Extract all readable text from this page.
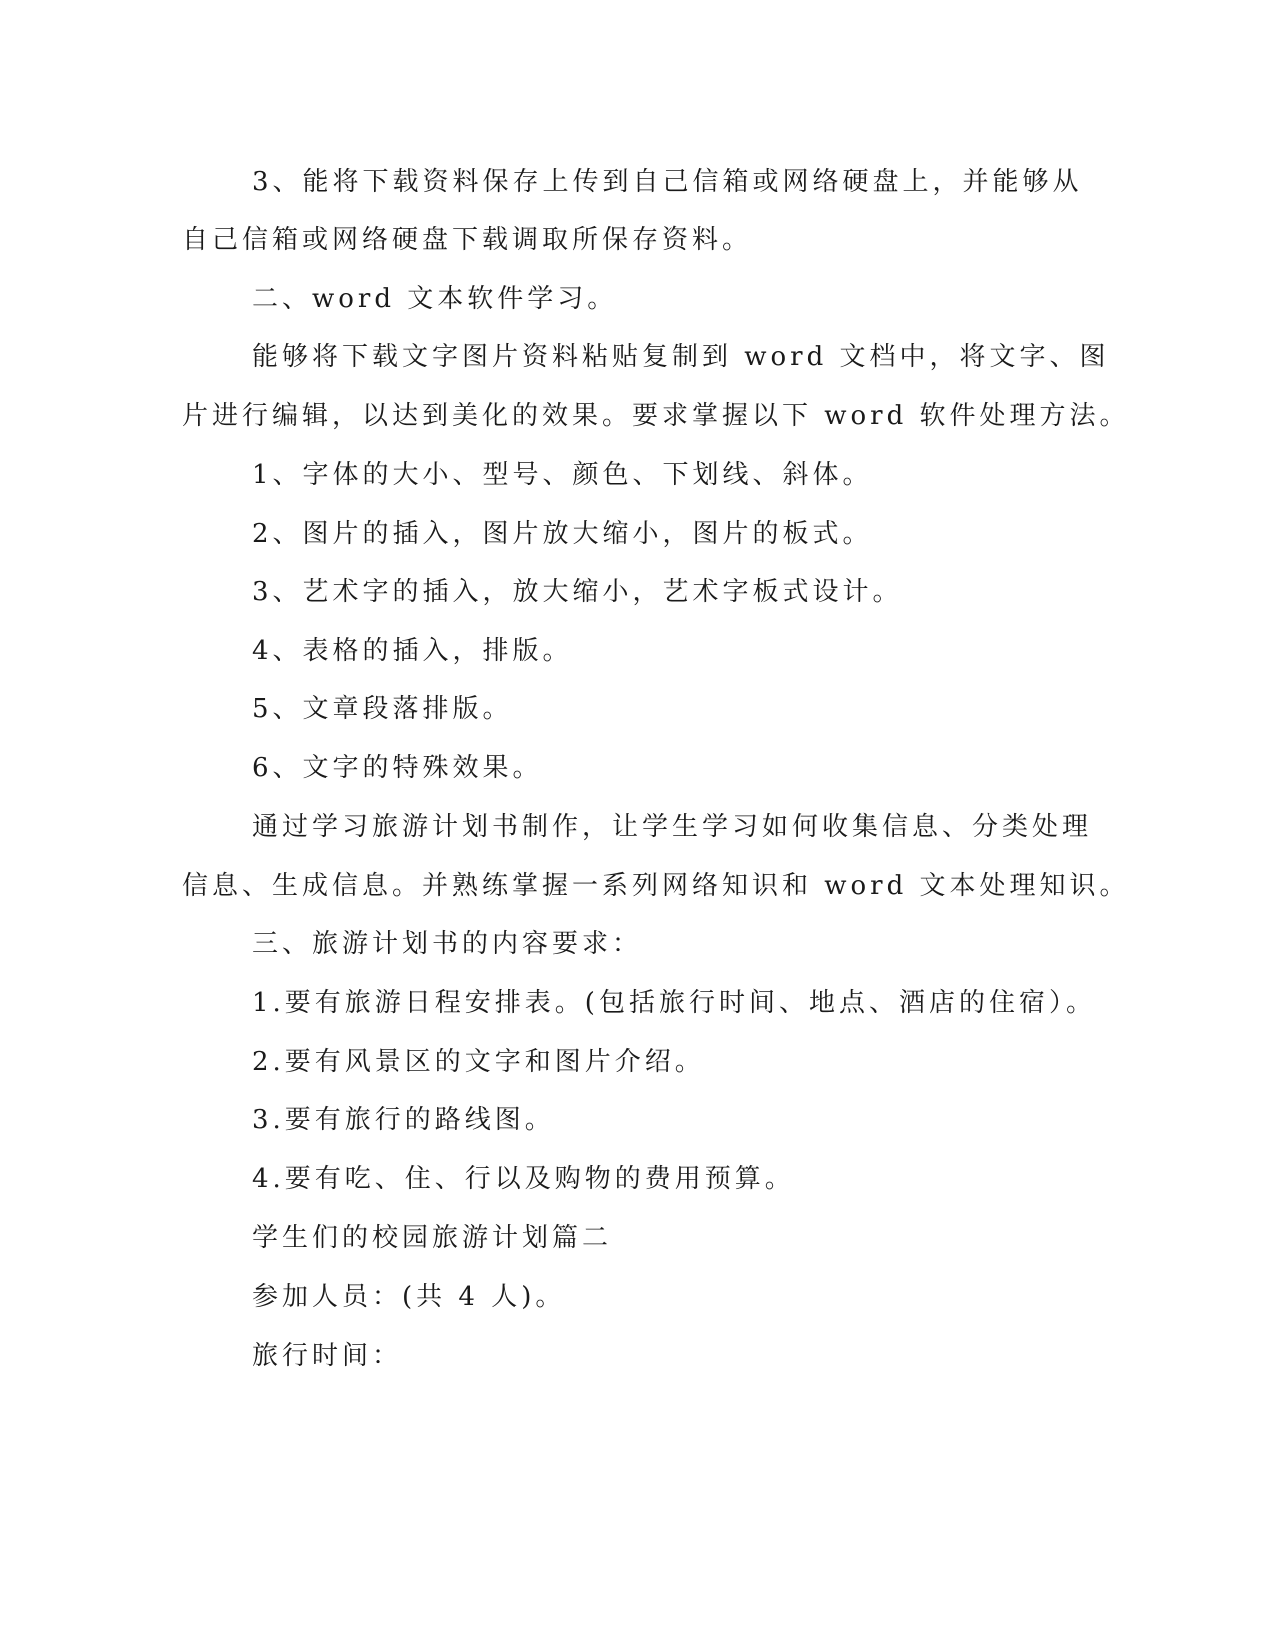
3、能将下载资料保存上传到自己信箱或网络硬盘上，并能够从
自己信箱或网络硬盘下载调取所保存资料。
二、word 文本软件学习。
能够将下载文字图片资料粘贴复制到 word 文档中，将文字、图
片进行编辑，以达到美化的效果。要求掌握以下 word 软件处理方法。
1、字体的大小、型号、颜色、下划线、斜体。
2、图片的插入，图片放大缩小，图片的板式。
3、艺术字的插入，放大缩小，艺术字板式设计。
4、表格的插入，排版。
5、文章段落排版。
6、文字的特殊效果。
通过学习旅游计划书制作，让学生学习如何收集信息、分类处理
信息、生成信息。并熟练掌握一系列网络知识和 word 文本处理知识。
三、旅游计划书的内容要求：
1.要有旅游日程安排表。(包括旅行时间、地点、酒店的住宿）。
2.要有风景区的文字和图片介绍。
3.要有旅行的路线图。
4.要有吃、住、行以及购物的费用预算。
学生们的校园旅游计划篇二
参加人员：(共 4 人)。
旅行时间：
